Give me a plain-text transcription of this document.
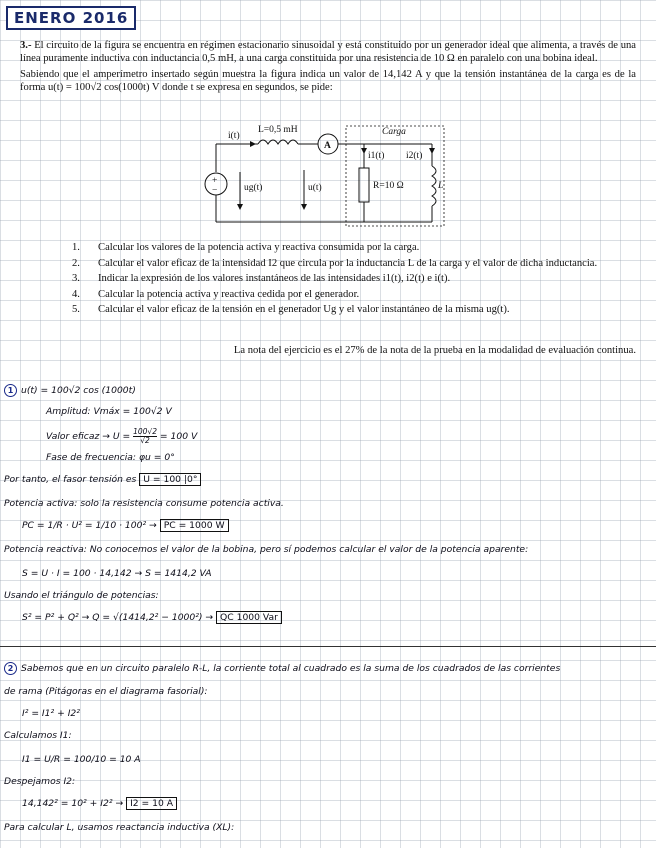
ENERO 2016

3.- El circuito de la figura se encuentra en régimen estacionario sinusoidal y está constituido por un generador ideal que alimenta, a través de una línea puramente inductiva con inductancia 0,5 mH, a una carga constituida por una resistencia de 10 Ω en paralelo con una bobina ideal.

Sabiendo que el amperímetro insertado según muestra la figura indica un valor de 14,142 A y que la tensión instantánea de la carga es de la forma u(t) = 100√2 cos(1000t) V donde t se expresa en segundos, se pide:

i(t)
L=0,5 mH
A
Carga
ug(t)	u(t)
i1(t) i2(t)
R=10 Ω	L
+
−
1. Calcular los valores de la potencia activa y reactiva consumida por la carga.
2. Calcular el valor eficaz de la intensidad I2 que circula por la inductancia L de la carga y el valor de dicha inductancia.
3. Indicar la expresión de los valores instantáneos de las intensidades i1(t), i2(t) e i(t).
4. Calcular la potencia activa y reactiva cedida por el generador.
5. Calcular el valor eficaz de la tensión en el generador Ug y el valor instantáneo de la misma ug(t).
La nota del ejercicio es el 27% de la nota de la prueba en la modalidad de evaluación continua.
1 u(t) = 100√2 cos (1000t)
Amplitud: Vmáx = 100√2 V
Valor eficaz → $U = \frac{100√2}{√2} = 100$ V
Fase de frecuencia: φu = 0°
Por tanto, el fasor tensión es U = 100 |0°
Potencia activa: solo la resistencia consume potencia activa.
PC = 1/R · U² = 1/10 · 100² → PC = 1000 W
Potencia reactiva: No conocemos el valor de la bobina, pero sí podemos calcular el valor de la potencia aparente:
S = U · I = 100 · 14,142 → S = 1414,2 VA
Usando el triángulo de potencias:
S² = P² + Q² → Q = √(1414,2² − 1000²) → QC 1000 Var
2 Sabemos que en un circuito paralelo R-L, la corriente total al cuadrado es la suma de los cuadrados de las corrientes
de rama (Pitágoras en el diagrama fasorial):
I² = I1² + I2²
Calculamos I1:
I1 = U/R = 100/10 = 10 A
Despejamos I2:
14,142² = 10² + I2² → I2 = 10 A
Para calcular L, usamos reactancia inductiva (XL):
